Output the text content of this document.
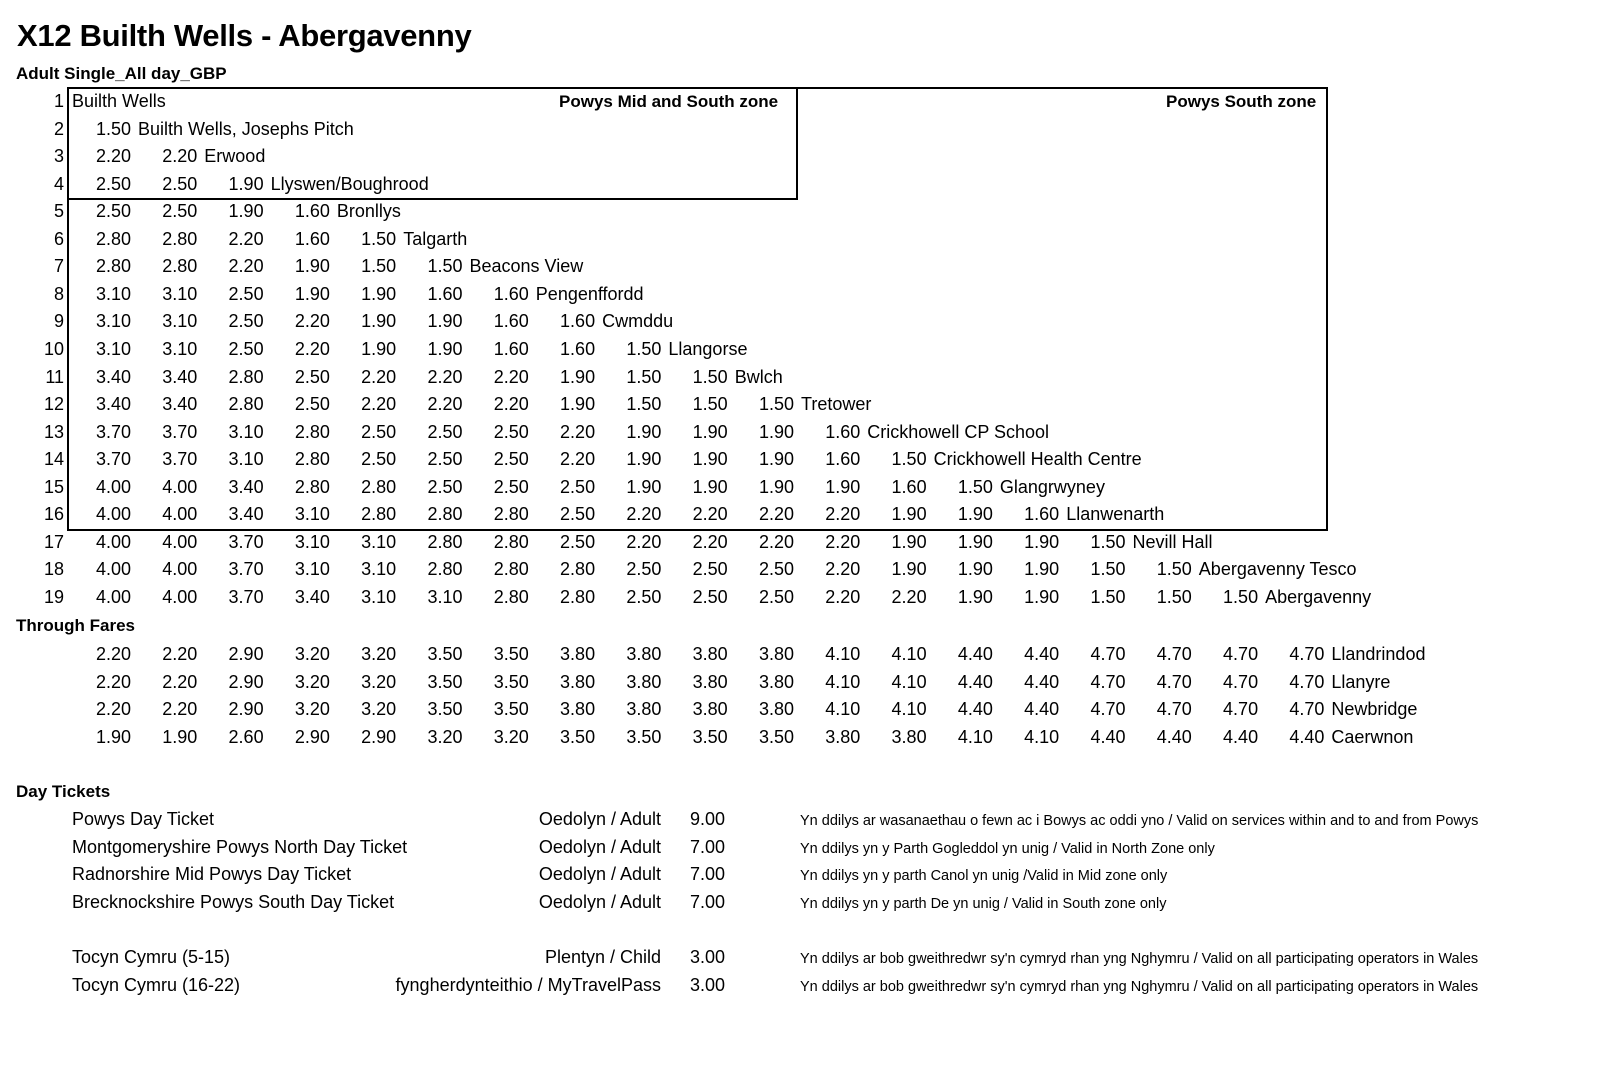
X12 Builth Wells - Abergavenny
Adult Single_All day_GBP
Powys Mid and South zone	Powys South zone
1 Builth Wells
2	1.50 Builth Wells, Josephs Pitch
3	2.20	2.20 Erwood
4	2.50	2.50	1.90 Llyswen/Boughrood
5	2.50	2.50	1.90	1.60 Bronllys
6	2.80	2.80	2.20	1.60	1.50 Talgarth
7	2.80	2.80	2.20	1.90	1.50	1.50 Beacons View
8	3.10	3.10	2.50	1.90	1.90	1.60	1.60 Pengenffordd
9	3.10	3.10	2.50	2.20	1.90	1.90	1.60	1.60 Cwmddu
10	3.10	3.10	2.50	2.20	1.90	1.90	1.60	1.60	1.50 Llangorse
11	3.40	3.40	2.80	2.50	2.20	2.20	2.20	1.90	1.50	1.50 Bwlch
12	3.40	3.40	2.80	2.50	2.20	2.20	2.20	1.90	1.50	1.50	1.50 Tretower
13	3.70	3.70	3.10	2.80	2.50	2.50	2.50	2.20	1.90	1.90	1.90	1.60 Crickhowell CP School
14	3.70	3.70	3.10	2.80	2.50	2.50	2.50	2.20	1.90	1.90	1.90	1.60	1.50 Crickhowell Health Centre
15	4.00	4.00	3.40	2.80	2.80	2.50	2.50	2.50	1.90	1.90	1.90	1.90	1.60	1.50 Glangrwyney
16	4.00	4.00	3.40	3.10	2.80	2.80	2.80	2.50	2.20	2.20	2.20	2.20	1.90	1.90	1.60 Llanwenarth
17	4.00	4.00	3.70	3.10	3.10	2.80	2.80	2.50	2.20	2.20	2.20	2.20	1.90	1.90	1.90	1.50 Nevill Hall
18	4.00	4.00	3.70	3.10	3.10	2.80	2.80	2.80	2.50	2.50	2.50	2.20	1.90	1.90	1.90	1.50	1.50 Abergavenny Tesco
19	4.00	4.00	3.70	3.40	3.10	3.10	2.80	2.80	2.50	2.50	2.50	2.20	2.20	1.90	1.90	1.50	1.50	1.50 Abergavenny
Through Fares
2.20	2.20	2.90	3.20	3.20	3.50	3.50	3.80	3.80	3.80	3.80	4.10	4.10	4.40	4.40	4.70	4.70	4.70	4.70 Llandrindod
2.20	2.20	2.90	3.20	3.20	3.50	3.50	3.80	3.80	3.80	3.80	4.10	4.10	4.40	4.40	4.70	4.70	4.70	4.70 Llanyre
2.20	2.20	2.90	3.20	3.20	3.50	3.50	3.80	3.80	3.80	3.80	4.10	4.10	4.40	4.40	4.70	4.70	4.70	4.70 Newbridge
1.90	1.90	2.60	2.90	2.90	3.20	3.20	3.50	3.50	3.50	3.50	3.80	3.80	4.10	4.10	4.40	4.40	4.40	4.40 Caerwnon
Day Tickets
Powys Day Ticket	Oedolyn / Adult 9.00	Yn ddilys ar wasanaethau o fewn ac i Bowys ac oddi yno / Valid on services within and to and from Powys
Montgomeryshire Powys North Day Ticket	Oedolyn / Adult 7.00	Yn ddilys yn y Parth Gogleddol yn unig / Valid in North Zone only
Radnorshire Mid Powys Day Ticket	Oedolyn / Adult 7.00	Yn ddilys yn y parth Canol yn unig /Valid in Mid zone only
Brecknockshire Powys South Day Ticket	Oedolyn / Adult 7.00	Yn ddilys yn y parth De yn unig / Valid in South zone only
Tocyn Cymru (5-15)	Plentyn / Child 3.00	Yn ddilys ar bob gweithredwr sy'n cymryd rhan yng Nghymru / Valid on all participating operators in Wales
Tocyn Cymru (16-22)	fyngherdynteithio / MyTravelPass 3.00	Yn ddilys ar bob gweithredwr sy'n cymryd rhan yng Nghymru / Valid on all participating operators in Wales
